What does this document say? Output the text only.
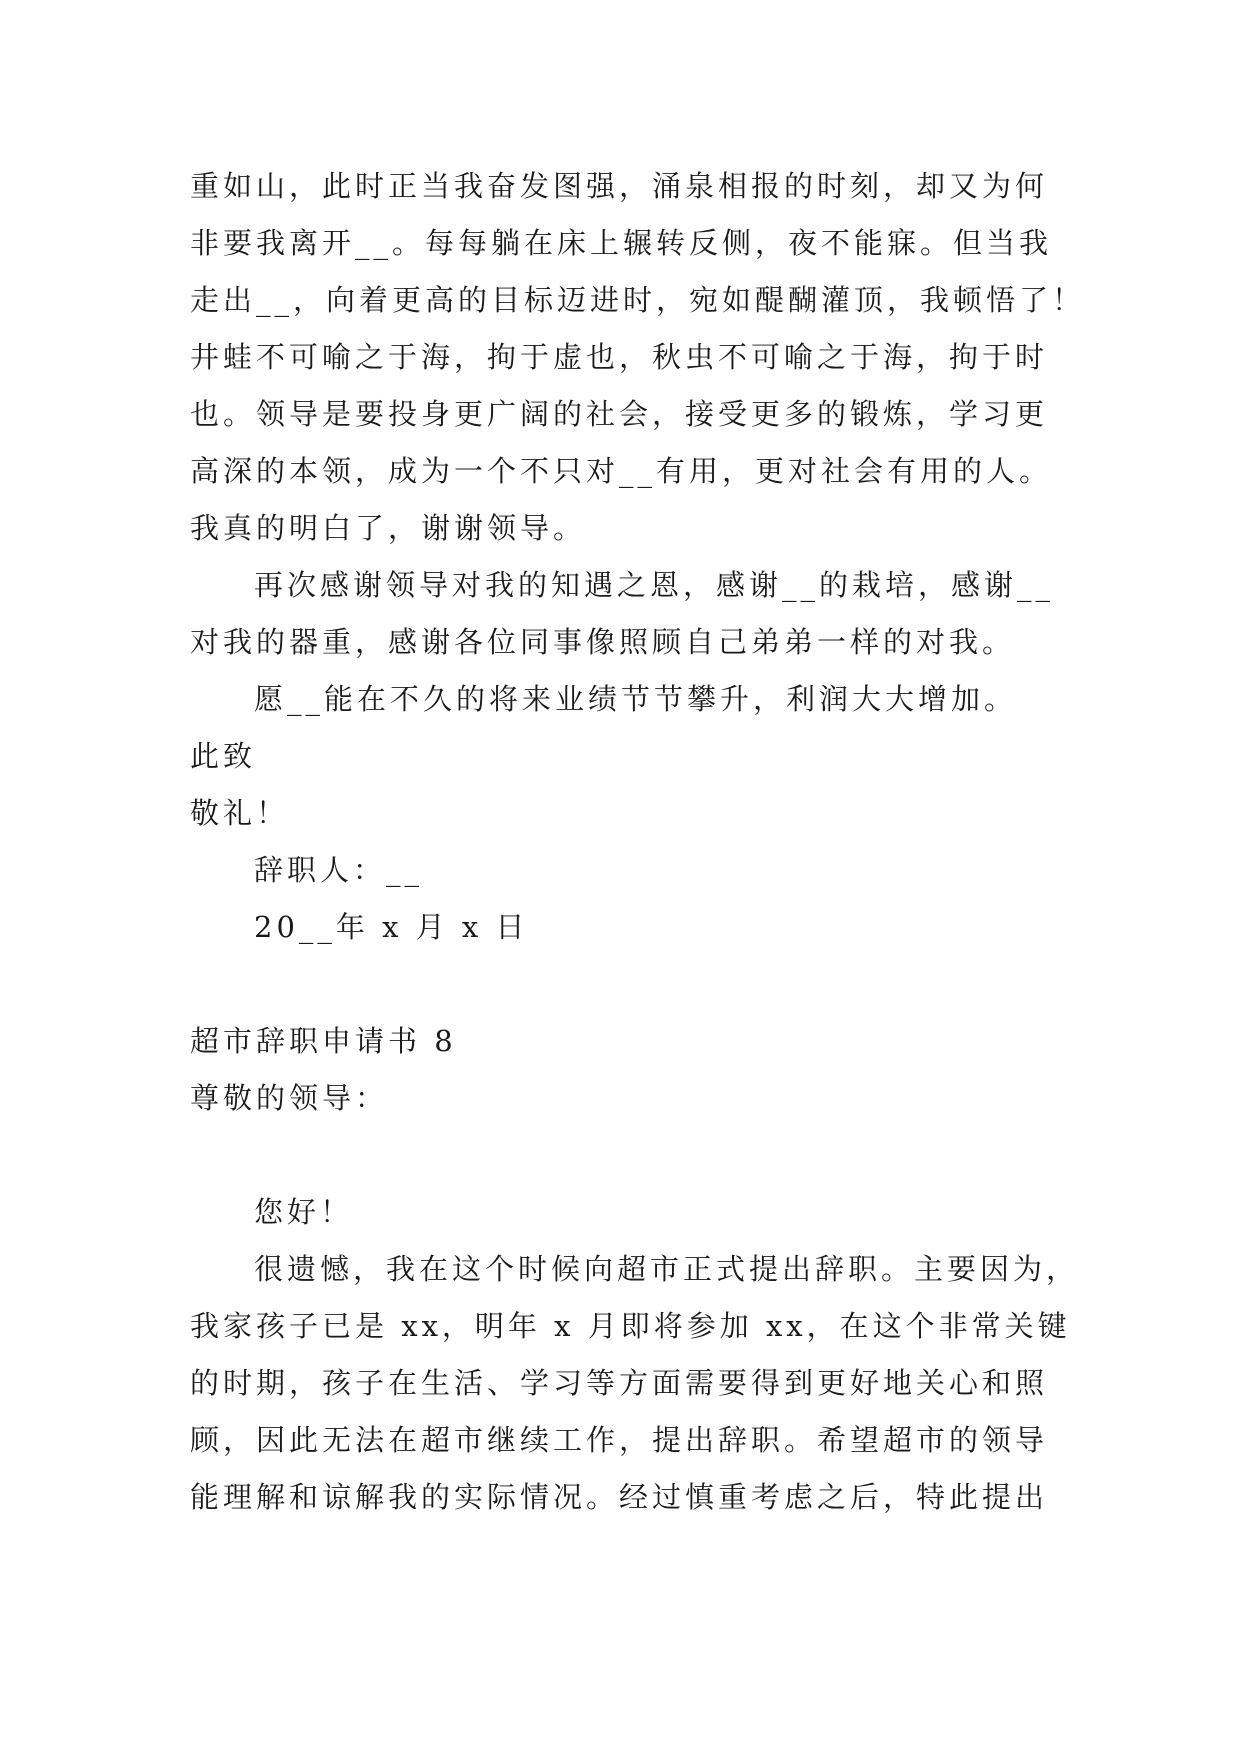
重如山，此时正当我奋发图强，涌泉相报的时刻，却又为何
非要我离开__。每每躺在床上辗转反侧，夜不能寐。但当我
走出__，向着更高的目标迈进时，宛如醍醐灌顶，我顿悟了！
井蛙不可喻之于海，拘于虚也，秋虫不可喻之于海，拘于时
也。领导是要投身更广阔的社会，接受更多的锻炼，学习更
高深的本领，成为一个不只对__有用，更对社会有用的人。
我真的明白了，谢谢领导。
再次感谢领导对我的知遇之恩，感谢__的栽培，感谢__
对我的器重，感谢各位同事像照顾自己弟弟一样的对我。
愿__能在不久的将来业绩节节攀升，利润大大增加。
此致
敬礼！
辞职人：__
20__年 x 月 x 日
超市辞职申请书 8
尊敬的领导：
您好！
很遗憾，我在这个时候向超市正式提出辞职。主要因为，
我家孩子已是 xx，明年 x 月即将参加 xx，在这个非常关键
的时期，孩子在生活、学习等方面需要得到更好地关心和照
顾，因此无法在超市继续工作，提出辞职。希望超市的领导
能理解和谅解我的实际情况。经过慎重考虑之后，特此提出
